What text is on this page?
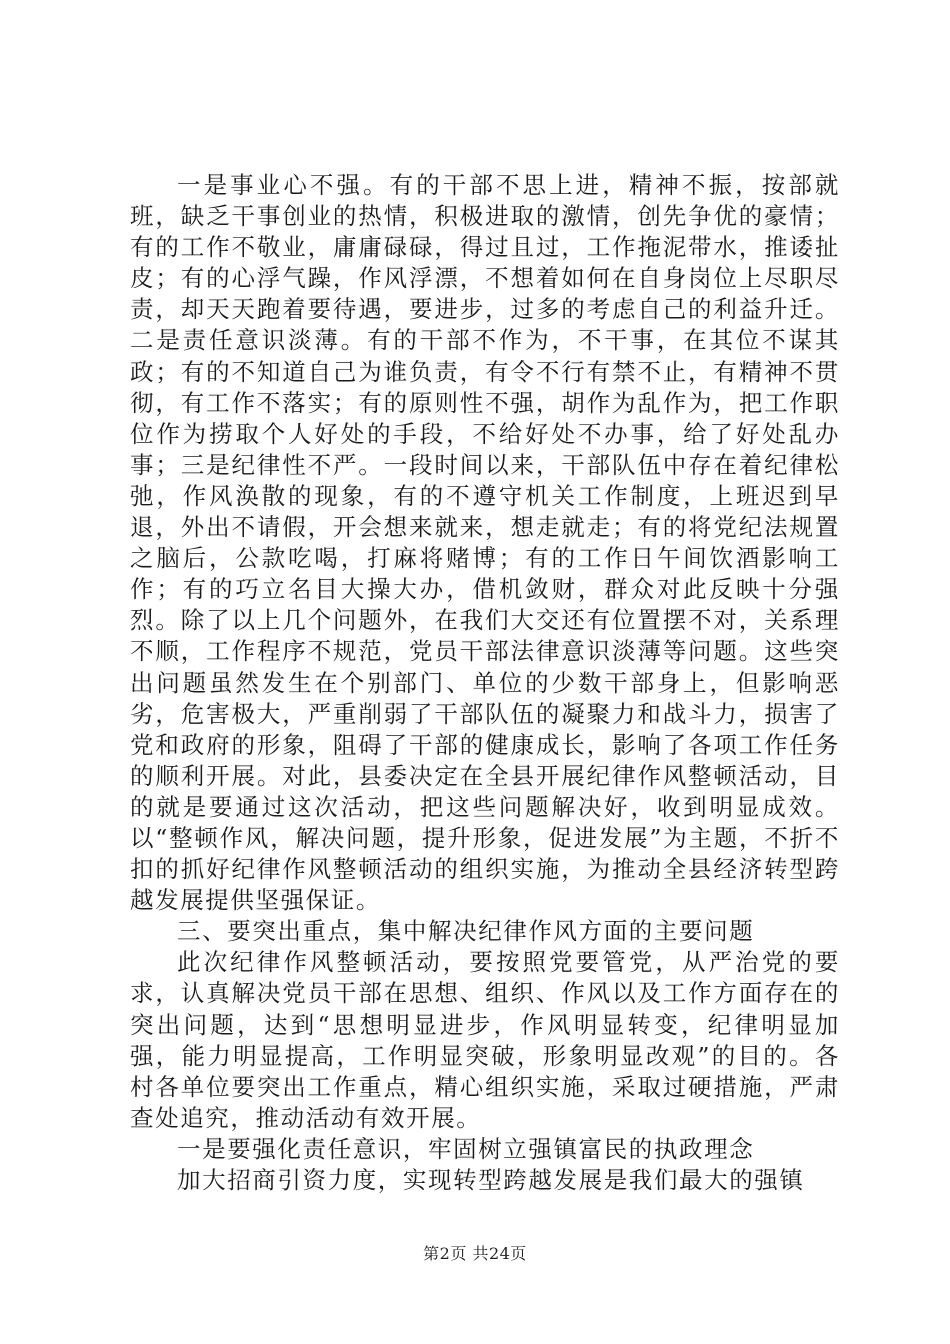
一是事业心不强。有的干部不思上进，精神不振，按部就班，缺乏干事创业的热情，积极进取的激情，创先争优的豪情；有的工作不敬业，庸庸碌碌，得过且过，工作拖泥带水，推诿扯皮；有的心浮气躁，作风浮漂，不想着如何在自身岗位上尽职尽责，却天天跑着要待遇，要进步，过多的考虑自己的利益升迁。二是责任意识淡薄。有的干部不作为，不干事，在其位不谋其政；有的不知道自己为谁负责，有令不行有禁不止，有精神不贯彻，有工作不落实；有的原则性不强，胡作为乱作为，把工作职位作为捞取个人好处的手段，不给好处不办事，给了好处乱办事；三是纪律性不严。一段时间以来，干部队伍中存在着纪律松弛，作风涣散的现象，有的不遵守机关工作制度，上班迟到早退，外出不请假，开会想来就来，想走就走；有的将党纪法规置之脑后，公款吃喝，打麻将赌博；有的工作日午间饮酒影响工作；有的巧立名目大操大办，借机敛财，群众对此反映十分强烈。除了以上几个问题外，在我们大交还有位置摆不对，关系理不顺，工作程序不规范，党员干部法律意识淡薄等问题。这些突出问题虽然发生在个别部门、单位的少数干部身上，但影响恶劣，危害极大，严重削弱了干部队伍的凝聚力和战斗力，损害了党和政府的形象，阻碍了干部的健康成长，影响了各项工作任务的顺利开展。对此，县委决定在全县开展纪律作风整顿活动，目的就是要通过这次活动，把这些问题解决好，收到明显成效。以“整顿作风，解决问题，提升形象，促进发展”为主题，不折不扣的抓好纪律作风整顿活动的组织实施，为推动全县经济转型跨越发展提供坚强保证。

三、要突出重点，集中解决纪律作风方面的主要问题

此次纪律作风整顿活动，要按照党要管党，从严治党的要求，认真解决党员干部在思想、组织、作风以及工作方面存在的突出问题，达到“思想明显进步，作风明显转变，纪律明显加强，能力明显提高，工作明显突破，形象明显改观”的目的。各村各单位要突出工作重点，精心组织实施，采取过硬措施，严肃查处追究，推动活动有效开展。

一是要强化责任意识，牢固树立强镇富民的执政理念

加大招商引资力度，实现转型跨越发展是我们最大的强镇

第2页 共24页
